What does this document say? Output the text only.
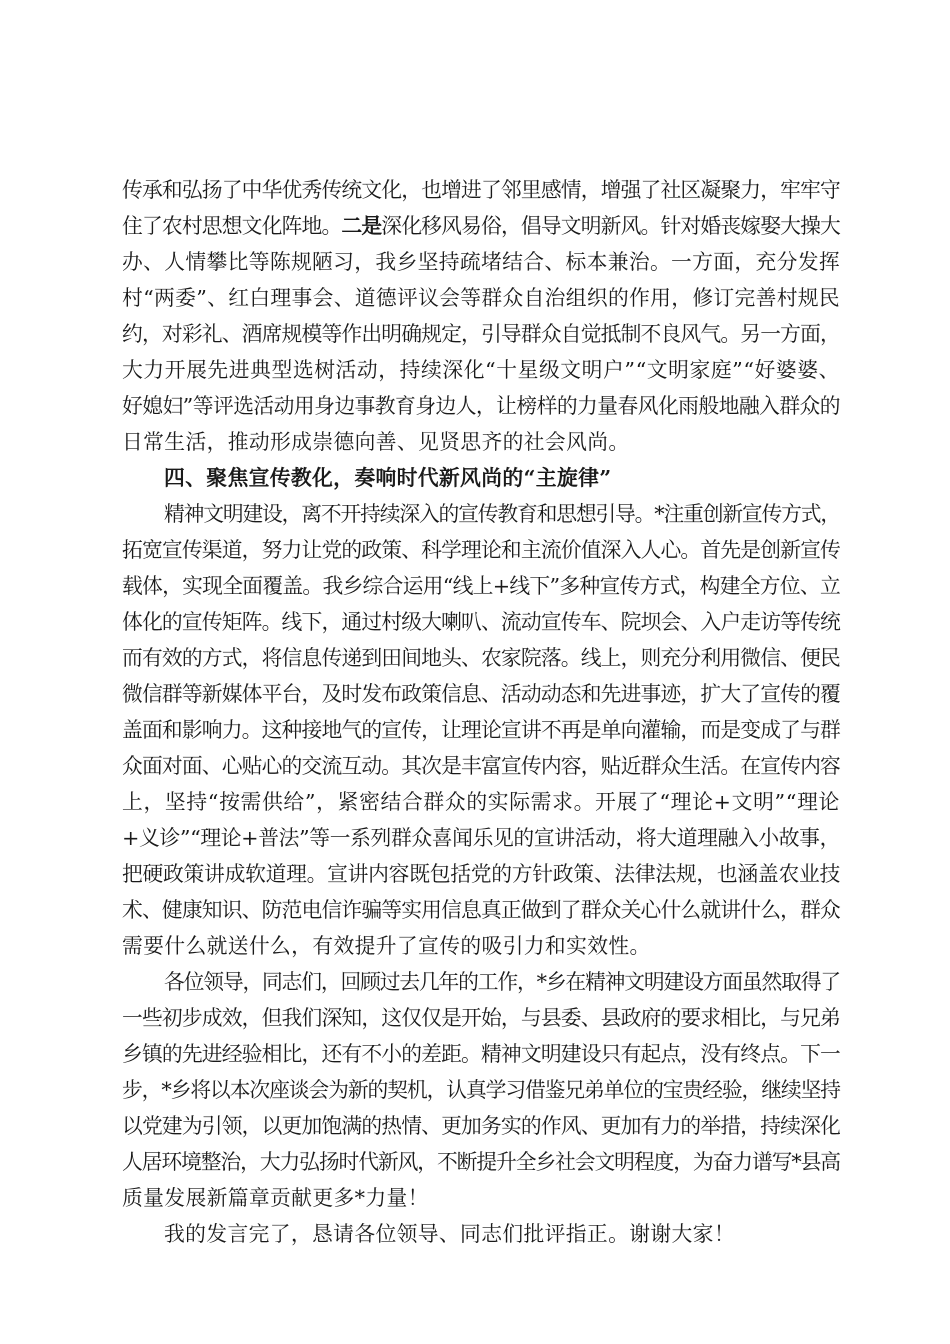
传承和弘扬了中华优秀传统文化，也增进了邻里感情，增强了社区凝聚力，牢牢守
住了农村思想文化阵地。二是深化移风易俗，倡导文明新风。针对婚丧嫁娶大操大
办、人情攀比等陈规陋习，我乡坚持疏堵结合、标本兼治。一方面，充分发挥
村“两委”、红白理事会、道德评议会等群众自治组织的作用，修订完善村规民
约，对彩礼、酒席规模等作出明确规定，引导群众自觉抵制不良风气。另一方面，
大力开展先进典型选树活动，持续深化“十星级文明户”“文明家庭”“好婆婆、
好媳妇”等评选活动用身边事教育身边人，让榜样的力量春风化雨般地融入群众的
日常生活，推动形成崇德向善、见贤思齐的社会风尚。
四、聚焦宣传教化，奏响时代新风尚的“主旋律”
精神文明建设，离不开持续深入的宣传教育和思想引导。*注重创新宣传方式，
拓宽宣传渠道，努力让党的政策、科学理论和主流价值深入人心。首先是创新宣传
载体，实现全面覆盖。我乡综合运用“线上+线下”多种宣传方式，构建全方位、立
体化的宣传矩阵。线下，通过村级大喇叭、流动宣传车、院坝会、入户走访等传统
而有效的方式，将信息传递到田间地头、农家院落。线上，则充分利用微信、便民
微信群等新媒体平台，及时发布政策信息、活动动态和先进事迹，扩大了宣传的覆
盖面和影响力。这种接地气的宣传，让理论宣讲不再是单向灌输，而是变成了与群
众面对面、心贴心的交流互动。其次是丰富宣传内容，贴近群众生活。在宣传内容
上，坚持“按需供给”，紧密结合群众的实际需求。开展了“理论+文明”“理论
+义诊”“理论+普法”等一系列群众喜闻乐见的宣讲活动，将大道理融入小故事，
把硬政策讲成软道理。宣讲内容既包括党的方针政策、法律法规，也涵盖农业技
术、健康知识、防范电信诈骗等实用信息真正做到了群众关心什么就讲什么，群众
需要什么就送什么，有效提升了宣传的吸引力和实效性。
各位领导，同志们，回顾过去几年的工作，*乡在精神文明建设方面虽然取得了
一些初步成效，但我们深知，这仅仅是开始，与县委、县政府的要求相比，与兄弟
乡镇的先进经验相比，还有不小的差距。精神文明建设只有起点，没有终点。下一
步，*乡将以本次座谈会为新的契机，认真学习借鉴兄弟单位的宝贵经验，继续坚持
以党建为引领，以更加饱满的热情、更加务实的作风、更加有力的举措，持续深化
人居环境整治，大力弘扬时代新风，不断提升全乡社会文明程度，为奋力谱写*县高
质量发展新篇章贡献更多*力量！
我的发言完了，恳请各位领导、同志们批评指正。谢谢大家！
